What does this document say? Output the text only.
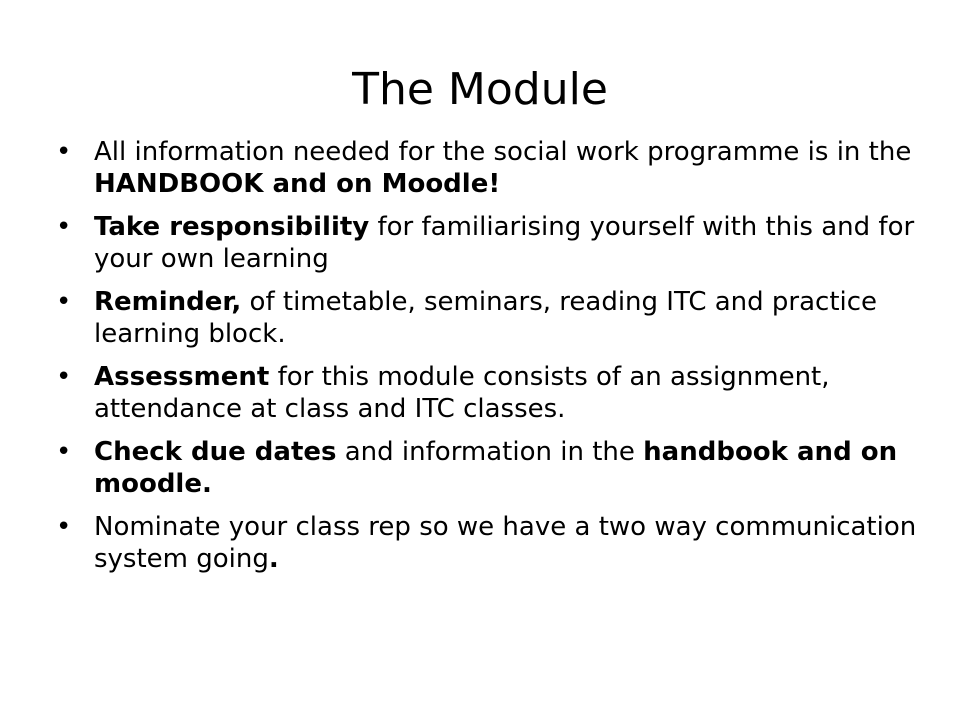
The Module
• All information needed for the social work programme is in the HANDBOOK and on Moodle!
• Take responsibility for familiarising yourself with this and for your own learning
• Reminder, of timetable, seminars, reading ITC and practice learning block.
• Assessment for this module consists of an assignment, attendance at class and ITC classes.
• Check due dates and information in the handbook and on moodle.
• Nominate your class rep so we have a two way communication system going.
